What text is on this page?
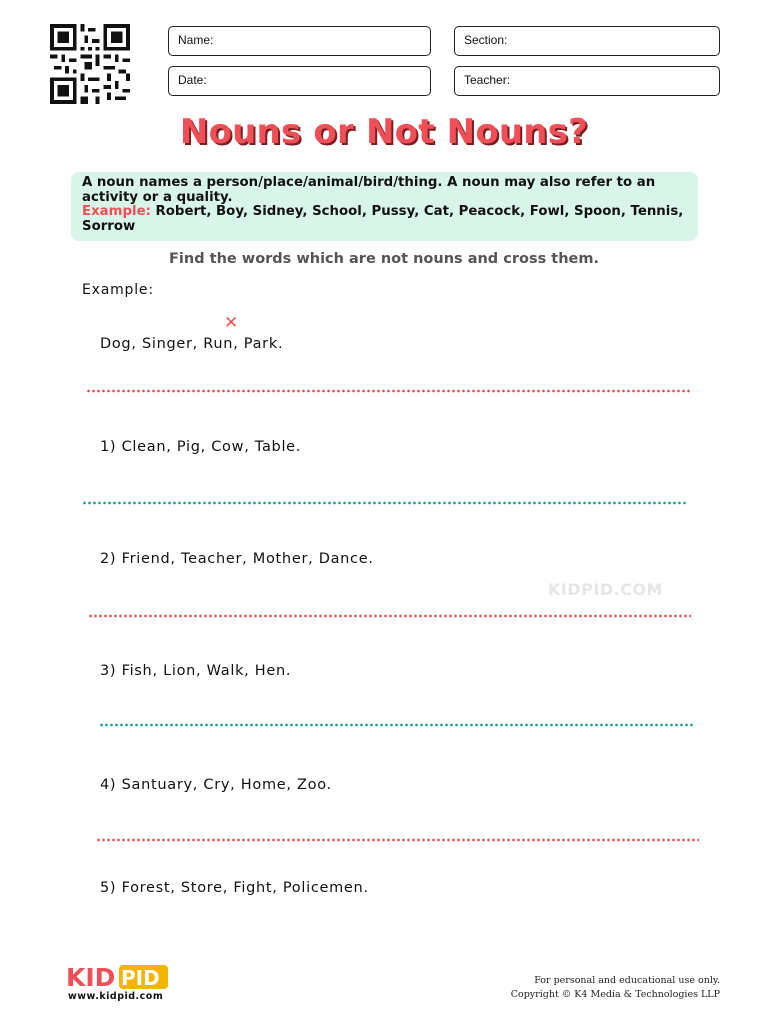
Name:	Section:
Date:	Teacher:
Nouns or Not Nouns?
A noun names a person/place/animal/bird/thing. A noun may also refer to an activity or a quality.
Example: Robert, Boy, Sidney, School, Pussy, Cat, Peacock, Fowl, Spoon, Tennis, Sorrow
Find the words which are not nouns and cross them.
Example:
✕
Dog, Singer, Run, Park.
1) Clean, Pig, Cow, Table.
2) Friend, Teacher, Mother, Dance.
KIDPID.COM
3) Fish, Lion, Walk, Hen.
4) Santuary, Cry, Home, Zoo.
5) Forest, Store, Fight, Policemen.
KID PID
www.kidpid.com
For personal and educational use only.
Copyright © K4 Media & Technologies LLP
